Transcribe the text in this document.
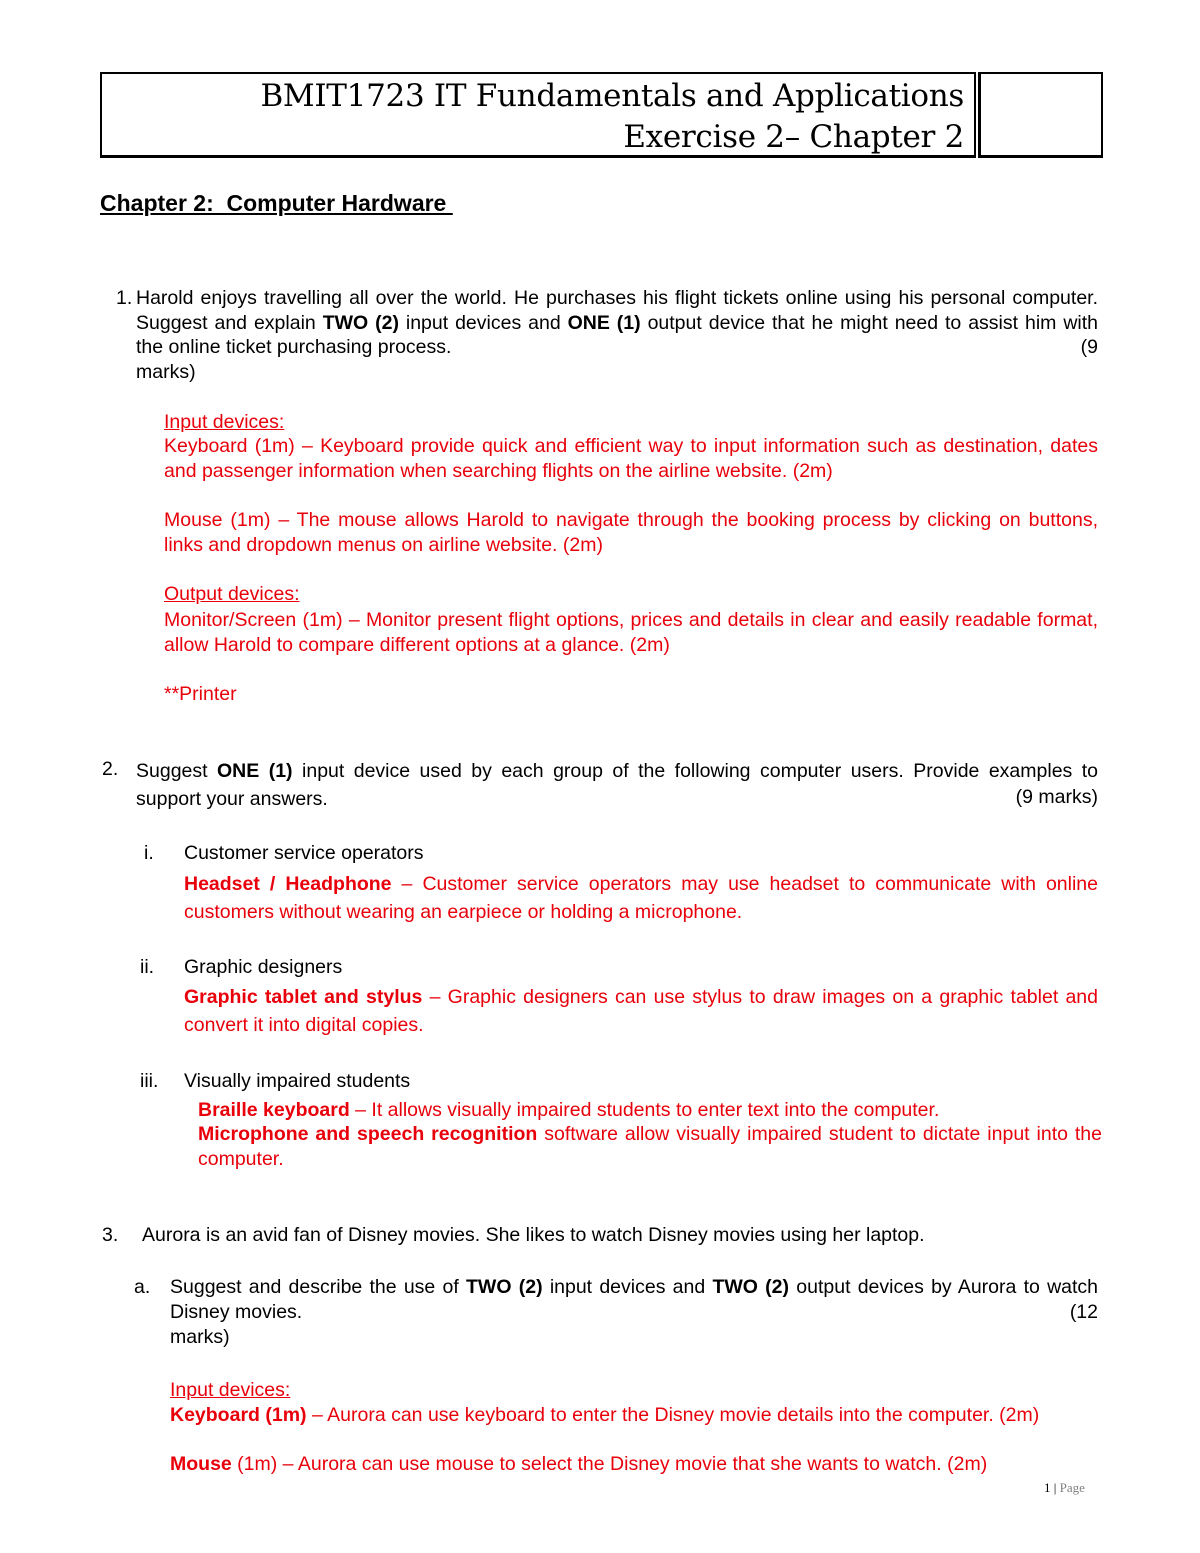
BMIT1723 IT Fundamentals and Applications
Exercise 2– Chapter 2
Chapter 2:  Computer Hardware
1. Harold enjoys travelling all over the world. He purchases his flight tickets online using his personal computer. Suggest and explain TWO (2) input devices and ONE (1) output device that he might need to assist him with the online ticket purchasing process.	(9
marks)
Input devices:
Keyboard (1m) – Keyboard provide quick and efficient way to input information such as destination, dates and passenger information when searching flights on the airline website. (2m)
Mouse (1m) – The mouse allows Harold to navigate through the booking process by clicking on buttons, links and dropdown menus on airline website. (2m)
Output devices:
Monitor/Screen (1m) – Monitor present flight options, prices and details in clear and easily readable format, allow Harold to compare different options at a glance. (2m)
**Printer
2. Suggest ONE (1) input device used by each group of the following computer users. Provide examples to support your answers.	(9 marks)
i. Customer service operators
Headset / Headphone – Customer service operators may use headset to communicate with online customers without wearing an earpiece or holding a microphone.
ii. Graphic designers
Graphic tablet and stylus – Graphic designers can use stylus to draw images on a graphic tablet and convert it into digital copies.
iii. Visually impaired students
Braille keyboard – It allows visually impaired students to enter text into the computer.
Microphone and speech recognition software allow visually impaired student to dictate input into the computer.
3. Aurora is an avid fan of Disney movies. She likes to watch Disney movies using her laptop.
a. Suggest and describe the use of TWO (2) input devices and TWO (2) output devices by Aurora to watch Disney movies.	(12
marks)
Input devices:
Keyboard (1m) – Aurora can use keyboard to enter the Disney movie details into the computer. (2m)
Mouse (1m) – Aurora can use mouse to select the Disney movie that she wants to watch. (2m)
1 | Page
